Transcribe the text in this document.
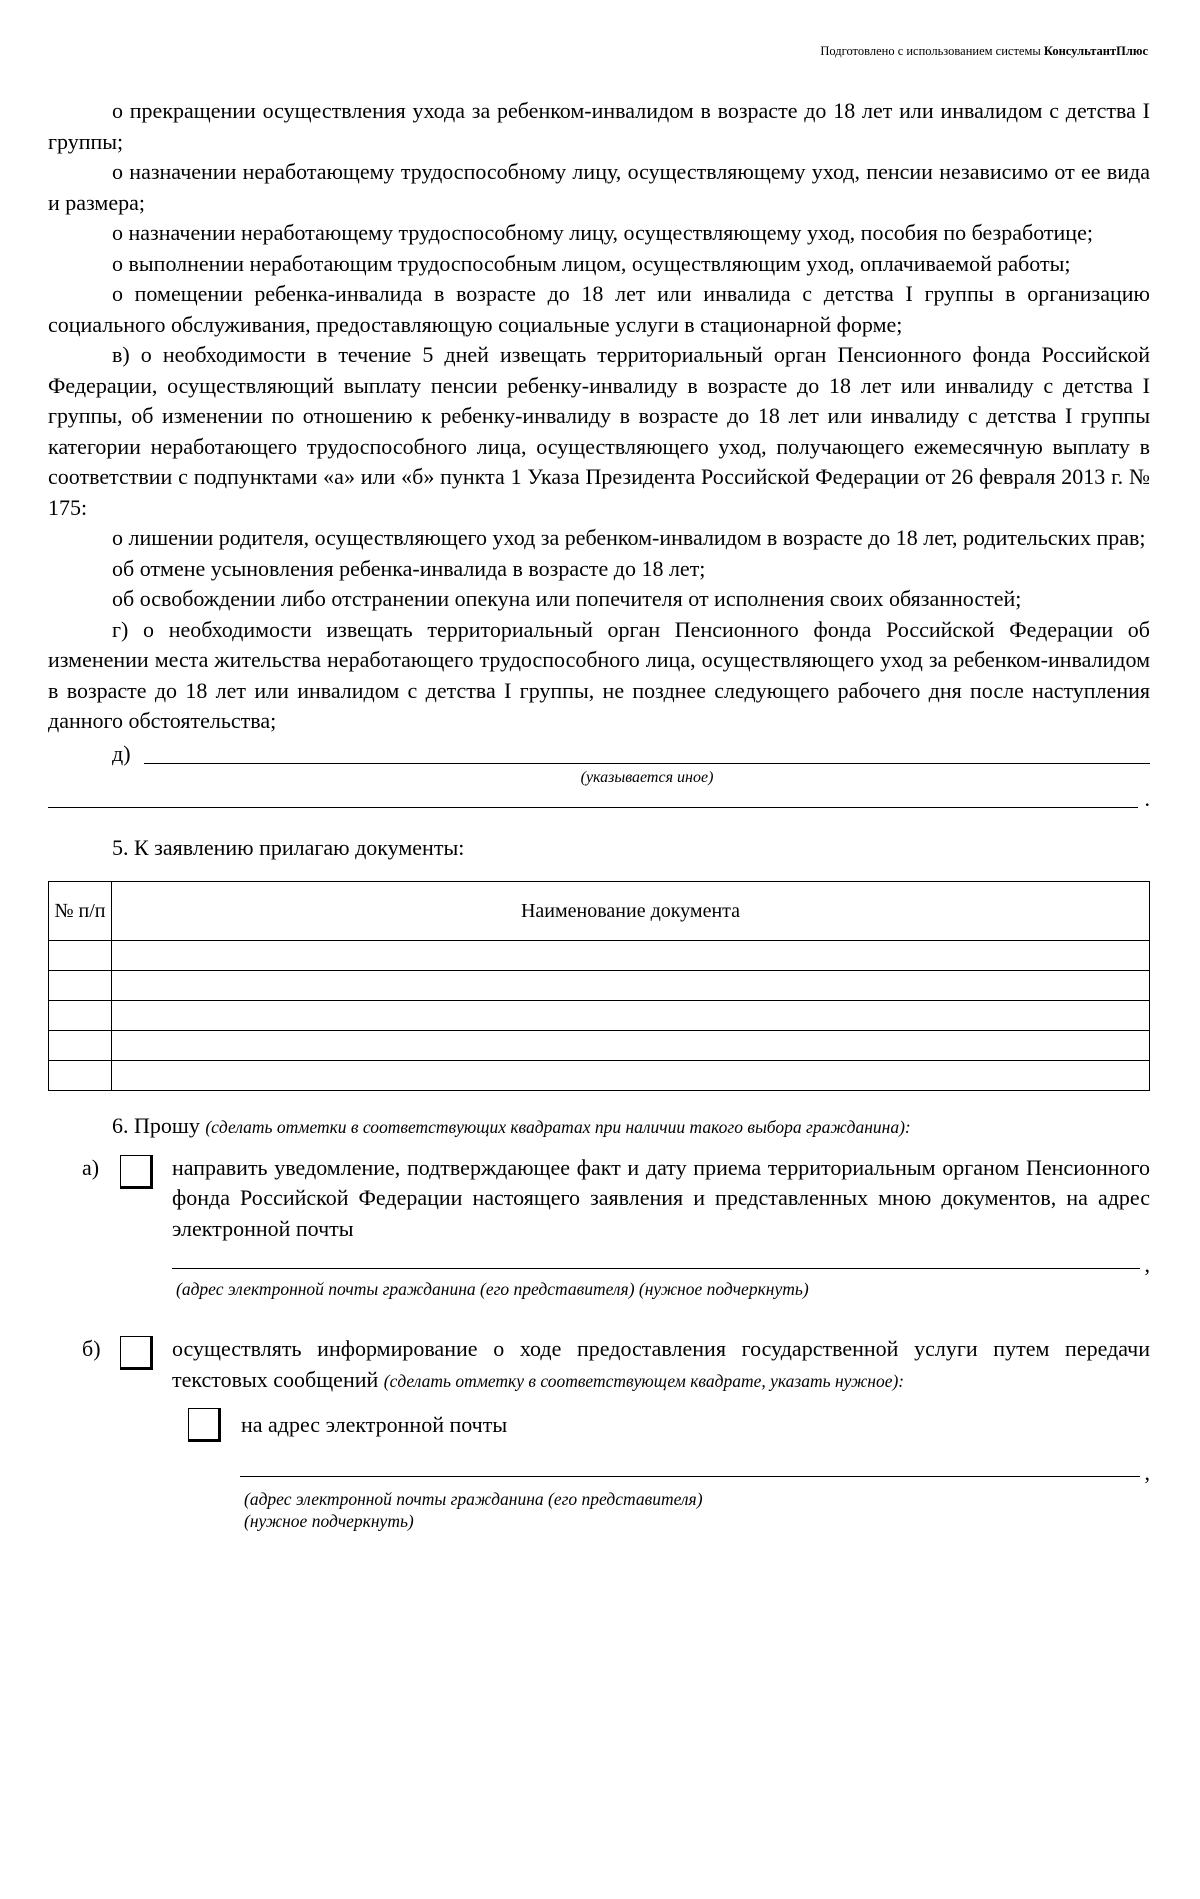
Подготовлено с использованием системы КонсультантПлюс

о прекращении осуществления ухода за ребенком-инвалидом в возрасте до 18 лет или инвалидом с детства I группы;

о назначении неработающему трудоспособному лицу, осуществляющему уход, пенсии независимо от ее вида и размера;

о назначении неработающему трудоспособному лицу, осуществляющему уход, пособия по безработице;

о выполнении неработающим трудоспособным лицом, осуществляющим уход, оплачиваемой работы;

о помещении ребенка-инвалида в возрасте до 18 лет или инвалида с детства I группы в организацию социального обслуживания, предоставляющую социальные услуги в стационарной форме;

в) о необходимости в течение 5 дней извещать территориальный орган Пенсионного фонда Российской Федерации, осуществляющий выплату пенсии ребенку-инвалиду в возрасте до 18 лет или инвалиду с детства I группы, об изменении по отношению к ребенку-инвалиду в возрасте до 18 лет или инвалиду с детства I группы категории неработающего трудоспособного лица, осуществляющего уход, получающего ежемесячную выплату в соответствии с подпунктами «а» или «б» пункта 1 Указа Президента Российской Федерации от 26 февраля 2013 г. № 175:

о лишении родителя, осуществляющего уход за ребенком-инвалидом в возрасте до 18 лет, родительских прав;

об отмене усыновления ребенка-инвалида в возрасте до 18 лет;

об освобождении либо отстранении опекуна или попечителя от исполнения своих обязанностей;

г) о необходимости извещать территориальный орган Пенсионного фонда Российской Федерации об изменении места жительства неработающего трудоспособного лица, осуществляющего уход за ребенком-инвалидом в возрасте до 18 лет или инвалидом с детства I группы, не позднее следующего рабочего дня после наступления данного обстоятельства;

д)
(указывается иное)
.

5. К заявлению прилагаю документы:

№ п/п	Наименование документа

6. Прошу (сделать отметки в соответствующих квадратах при наличии такого выбора гражданина):

а)	направить уведомление, подтверждающее факт и дату приема территориальным органом Пенсионного фонда Российской Федерации настоящего заявления и представленных мною документов, на адрес электронной почты
,
(адрес электронной почты гражданина (его представителя) (нужное подчеркнуть)
б)	осуществлять информирование о ходе предоставления государственной услуги путем передачи текстовых сообщений (сделать отметку в соответствующем квадрате, указать нужное):
на адрес электронной почты
,
(адрес электронной почты гражданина (его представителя)
(нужное подчеркнуть)
